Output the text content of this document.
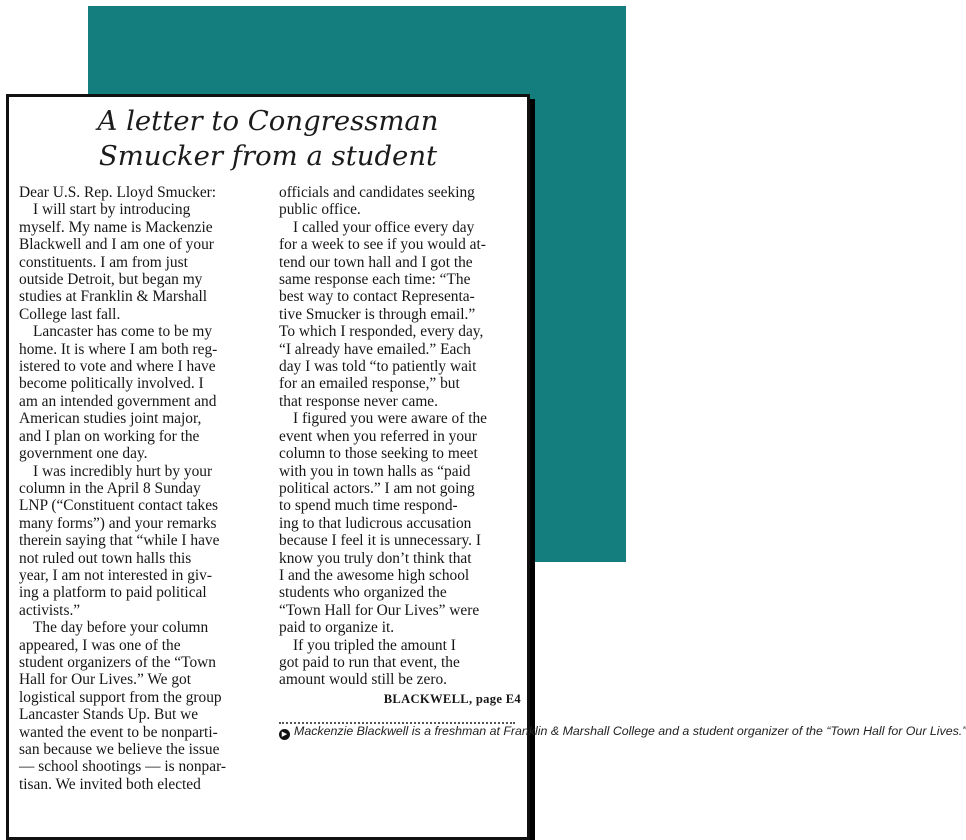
A letter to Congressman
Smucker from a student

Dear U.S. Rep. Lloyd Smucker:

I will start by introducing

myself. My name is Mackenzie

Blackwell and I am one of your

constituents. I am from just

outside Detroit, but began my

studies at Franklin & Marshall

College last fall.

Lancaster has come to be my

home. It is where I am both reg-

istered to vote and where I have

become politically involved. I

am an intended government and

American studies joint major,

and I plan on working for the

government one day.

I was incredibly hurt by your

column in the April 8 Sunday

LNP (“Constituent contact takes

many forms”) and your remarks

therein saying that “while I have

not ruled out town halls this

year, I am not interested in giv-

ing a platform to paid political

activists.”

The day before your column

appeared, I was one of the

student organizers of the “Town

Hall for Our Lives.” We got

logistical support from the group

Lancaster Stands Up. But we

wanted the event to be nonparti-

san because we believe the issue

— school shootings — is nonpar-

tisan. We invited both elected

officials and candidates seeking

public office.

I called your office every day

for a week to see if you would at-

tend our town hall and I got the

same response each time: “The

best way to contact Representa-

tive Smucker is through email.”

To which I responded, every day,

“I already have emailed.” Each

day I was told “to patiently wait

for an emailed response,” but

that response never came.

I figured you were aware of the

event when you referred in your

column to those seeking to meet

with you in town halls as “paid

political actors.” I am not going

to spend much time respond-

ing to that ludicrous accusation

because I feel it is unnecessary. I

know you truly don’t think that

I and the awesome high school

students who organized the

“Town Hall for Our Lives” were

paid to organize it.

If you tripled the amount I

got paid to run that event, the

amount would still be zero.

BLACKWELL, page E4

▶ Mackenzie Blackwell is a freshman at Franklin & Marshall College and a student organizer of the “Town Hall for Our Lives.”
